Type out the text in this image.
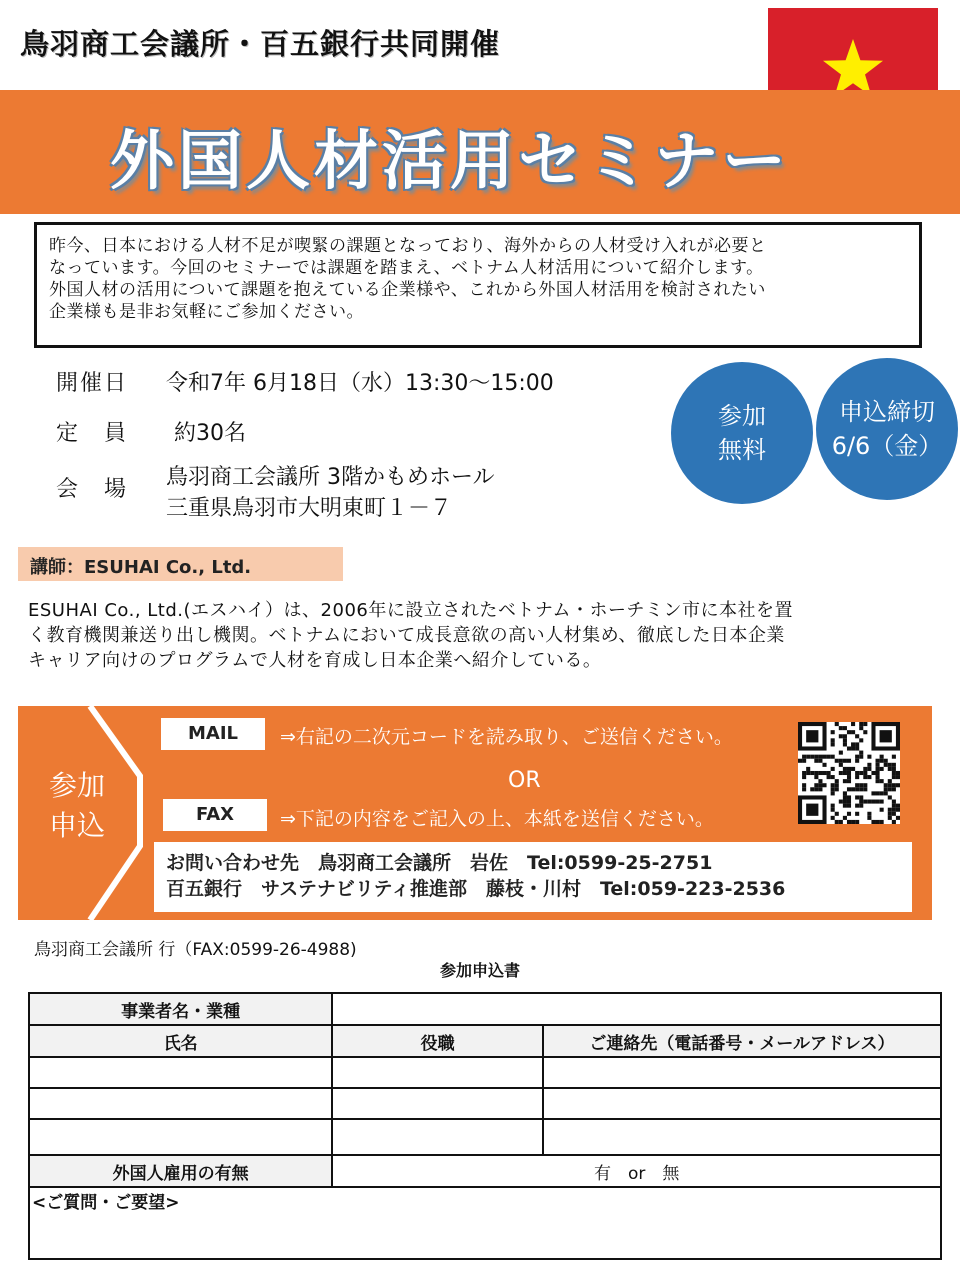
鳥羽商工会議所・百五銀行共同開催
外国人材活用セミナー
昨今、日本における人材不足が喫緊の課題となっており、海外からの人材受け入れが必要と
なっています。今回のセミナーでは課題を踏まえ、ベトナム人材活用について紹介します。
外国人材の活用について課題を抱えている企業様や、これから外国人材活用を検討されたい
企業様も是非お気軽にご参加ください。
開催日	令和7年 6月18日（水）13:30～15:00
定　員	約30名
会　場	鳥羽商工会議所 3階かもめホール
三重県鳥羽市大明東町１－７
参加
無料
申込締切
6/6（金）
講師：ESUHAI Co., Ltd.
ESUHAI Co., Ltd.(エスハイ）は、2006年に設立されたベトナム・ホーチミン市に本社を置
く教育機関兼送り出し機関。ベトナムにおいて成長意欲の高い人材集め、徹底した日本企業
キャリア向けのプログラムで人材を育成し日本企業へ紹介している。
参加
申込
MAIL	⇒右記の二次元コードを読み取り、ご送信ください。
OR
FAX	⇒下記の内容をご記入の上、本紙を送信ください。
お問い合わせ先　鳥羽商工会議所　岩佐　Tel:0599-25-2751
百五銀行　サステナビリティ推進部　藤枝・川村　Tel:059-223-2536
鳥羽商工会議所 行（FAX:0599-26-4988)
参加申込書
事業者名・業種		
氏名	役職	ご連絡先（電話番号・メールアドレス）

外国人雇用の有無	有　or　無	
<ご質問・ご要望>		
